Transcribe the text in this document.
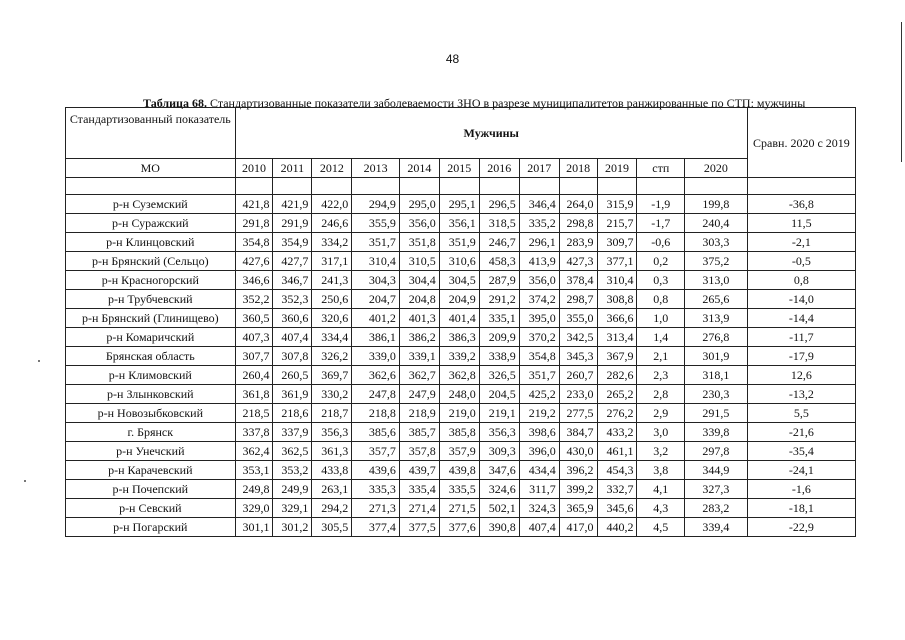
48
Таблица 68. Стандартизованные показатели заболеваемости ЗНО в разрезе муниципалитетов ранжированные по СТП: мужчины
Стандартизованный показатель	Мужчины												Сравн. 2020 с 2019

МО	2010	2011	2012	2013	2014	2015	2016	2017	2018	2019	стп	2020	

р-н Суземский	421,8	421,9	422,0	294,9	295,0	295,1	296,5	346,4	264,0	315,9	-1,9	199,8	-36,8
р-н Суражский	291,8	291,9	246,6	355,9	356,0	356,1	318,5	335,2	298,8	215,7	-1,7	240,4	11,5
р-н Клинцовский	354,8	354,9	334,2	351,7	351,8	351,9	246,7	296,1	283,9	309,7	-0,6	303,3	-2,1
р-н Брянский (Сельцо)	427,6	427,7	317,1	310,4	310,5	310,6	458,3	413,9	427,3	377,1	0,2	375,2	-0,5
р-н Красногорский	346,6	346,7	241,3	304,3	304,4	304,5	287,9	356,0	378,4	310,4	0,3	313,0	0,8
р-н Трубчевский	352,2	352,3	250,6	204,7	204,8	204,9	291,2	374,2	298,7	308,8	0,8	265,6	-14,0
р-н Брянский (Глинищево)	360,5	360,6	320,6	401,2	401,3	401,4	335,1	395,0	355,0	366,6	1,0	313,9	-14,4
р-н Комаричский	407,3	407,4	334,4	386,1	386,2	386,3	209,9	370,2	342,5	313,4	1,4	276,8	-11,7
Брянская область	307,7	307,8	326,2	339,0	339,1	339,2	338,9	354,8	345,3	367,9	2,1	301,9	-17,9
р-н Климовский	260,4	260,5	369,7	362,6	362,7	362,8	326,5	351,7	260,7	282,6	2,3	318,1	12,6
р-н Злынковский	361,8	361,9	330,2	247,8	247,9	248,0	204,5	425,2	233,0	265,2	2,8	230,3	-13,2
р-н Новозыбковский	218,5	218,6	218,7	218,8	218,9	219,0	219,1	219,2	277,5	276,2	2,9	291,5	5,5
г. Брянск	337,8	337,9	356,3	385,6	385,7	385,8	356,3	398,6	384,7	433,2	3,0	339,8	-21,6
р-н Унечский	362,4	362,5	361,3	357,7	357,8	357,9	309,3	396,0	430,0	461,1	3,2	297,8	-35,4
р-н Карачевский	353,1	353,2	433,8	439,6	439,7	439,8	347,6	434,4	396,2	454,3	3,8	344,9	-24,1
р-н Почепский	249,8	249,9	263,1	335,3	335,4	335,5	324,6	311,7	399,2	332,7	4,1	327,3	-1,6
р-н Севский	329,0	329,1	294,2	271,3	271,4	271,5	502,1	324,3	365,9	345,6	4,3	283,2	-18,1
р-н Погарский	301,1	301,2	305,5	377,4	377,5	377,6	390,8	407,4	417,0	440,2	4,5	339,4	-22,9
